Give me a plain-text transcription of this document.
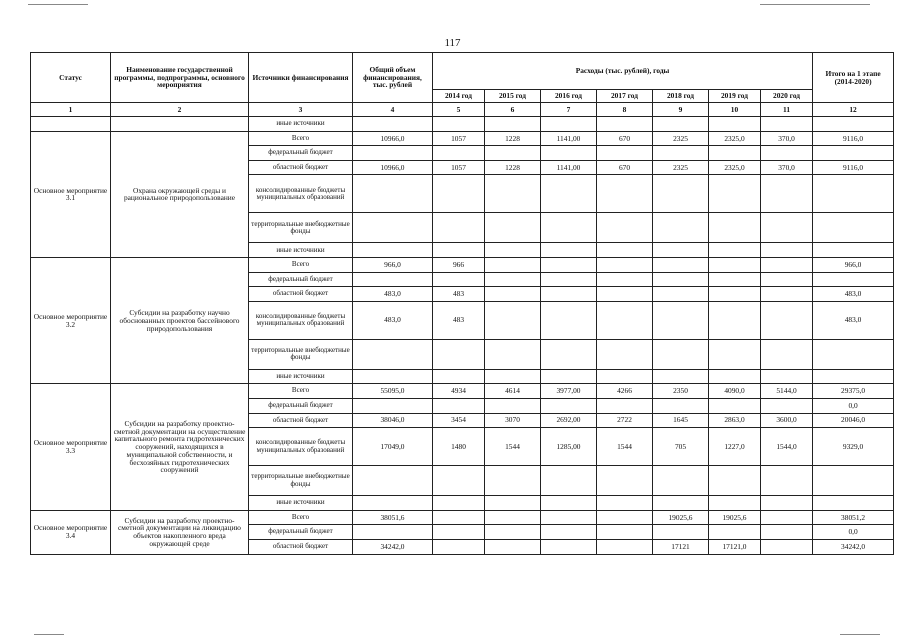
117
Статус	Наименование государственной программы, подпрограммы, основного мероприятия	Источники финансирования	Общий объем финансирования, тыс. рублей	Расходы (тыс. рублей), годы							Итого на 1 этапе (2014-2020)
				2014 год	2015 год	2016 год	2017 год	2018 год	2019 год	2020 год	
1	2	3	4	5	6	7	8	9	10	11	12
		иные источники									
Основное мероприятие 3.1	Охрана окружающей среды и рациональное природопользование	Всего	10966,0	1057	1228	1141,00	670	2325	2325,0	370,0	9116,0
		федеральный бюджет									
		областной бюджет	10966,0	1057	1228	1141,00	670	2325	2325,0	370,0	9116,0
		консолидированные бюджеты муниципальных образований									
		территориальные внебюджетные фонды									
		иные источники									
Основное мероприятие 3.2	Субсидии на разработку научно обоснованных проектов бассейнового природопользования	Всего	966,0	966							966,0
		федеральный бюджет									
		областной бюджет	483,0	483							483,0
		консолидированные бюджеты муниципальных образований	483,0	483							483,0
		территориальные внебюджетные фонды									
		иные источники									
Основное мероприятие 3.3	Субсидии на разработку проектно-сметной документации на осуществление капитального ремонта гидротехнических сооружений, находящихся в муниципальной собственности, и бесхозяйных гидротехнических сооружений	Всего	55095,0	4934	4614	3977,00	4266	2350	4090,0	5144,0	29375,0
		федеральный бюджет									0,0
		областной бюджет	38046,0	3454	3070	2692,00	2722	1645	2863,0	3600,0	20046,0
		консолидированные бюджеты муниципальных образований	17049,0	1480	1544	1285,00	1544	705	1227,0	1544,0	9329,0
		территориальные внебюджетные фонды									
		иные источники									
Основное мероприятие 3.4	Субсидии на разработку проектно-сметной документации на ликвидацию объектов накопленного вреда окружающей среде	Всего	38051,6					19025,6	19025,6		38051,2
		федеральный бюджет									0,0
		областной бюджет	34242,0					17121	17121,0		34242,0
